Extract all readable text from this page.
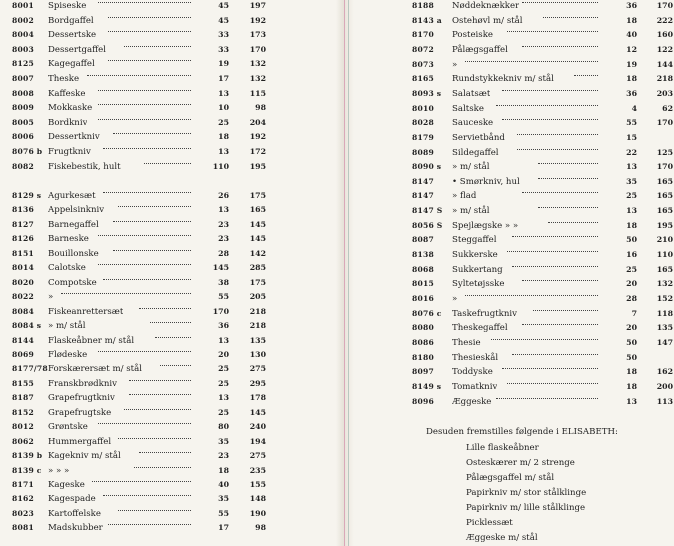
8001 Spiseske	45	197
8002 Bordgaffel	45	192
8004 Dessertske	33	173
8003 Dessertgaffel	33	170
8125 Kagegaffel	19	132
8007 Theske	17	132
8008 Kaffeske	13	115
8009 Mokkaske	10	98
8005 Bordkniv	25	204
8006 Dessertkniv	18	192
8076 b Frugtkniv	13	172
8082 Fiskebestik, hult	110	195
8129 s Agurkesæt	26	175
8136 Appelsinkniv	13	165
8127 Barnegaffel	23	145
8126 Barneske	23	145
8151 Bouillonske	28	142
8014 Calotske	145	285
8020 Compotske	38	175
8022 »	55	205
8084 Fiskeanrettersæt	170	218
8084 s » m/ stål	36	218
8144 Flaskeåbner m/ stål	13	135
8069 Flødeske	20	130
8177/78 Forskærersæt m/ stål	25	275
8155 Franskbrødkniv	25	295
8187 Grapefrugtkniv	13	178
8152 Grapefrugtske	25	145
8012 Grøntske	80	240
8062 Hummergaffel	35	194
8139 b Kagekniv m/ stål	23	275
8139 c » » »	18	235
8171 Kageske	40	155
8162 Kagespade	35	148
8023 Kartoffelske	55	190
8081 Madskubber	17	98
Desuden fremstilles følgende i ELISABETH:
Lille flaskeåbner
Osteskærer m/ 2 strenge
Pålægsgaffel m/ stål
Papirkniv m/ stor stålklinge
Papirkniv m/ lille stålklinge
Picklessæt
Æggeske m/ stål
8188 Nøddeknækker	36	170
8143 a Ostehøvl m/ stål	18	222
8170 Posteiske	40	160
8072 Pålægsgaffel	12	122
8073 »	19	144
8165 Rundstykkekniv m/ stål	18	218
8093 s Salatsæt	36	203
8010 Saltske	4	62
8028 Sauceske	55	170
8179 Servietbånd	15
8089 Sildegaffel	22	125
8090 s » m/ stål	13	170
8147 • Smørkniv, hul	35	165
8147 » flad	25	165
8147 S » m/ stål	13	165
8056 S Spejlægske » »	18	195
8087 Steggaffel	50	210
8138 Sukkerske	16	110
8068 Sukkertang	25	165
8015 Syltetøjsske	20	132
8016 »	28	152
8076 c Taskefrugtkniv	7	118
8080 Theskegaffel	20	135
8086 Thesie	50	147
8180 Thesieskål	50
8097 Toddyske	18	162
8149 s Tomatkniv	18	200
8096 Æggeske	13	113
